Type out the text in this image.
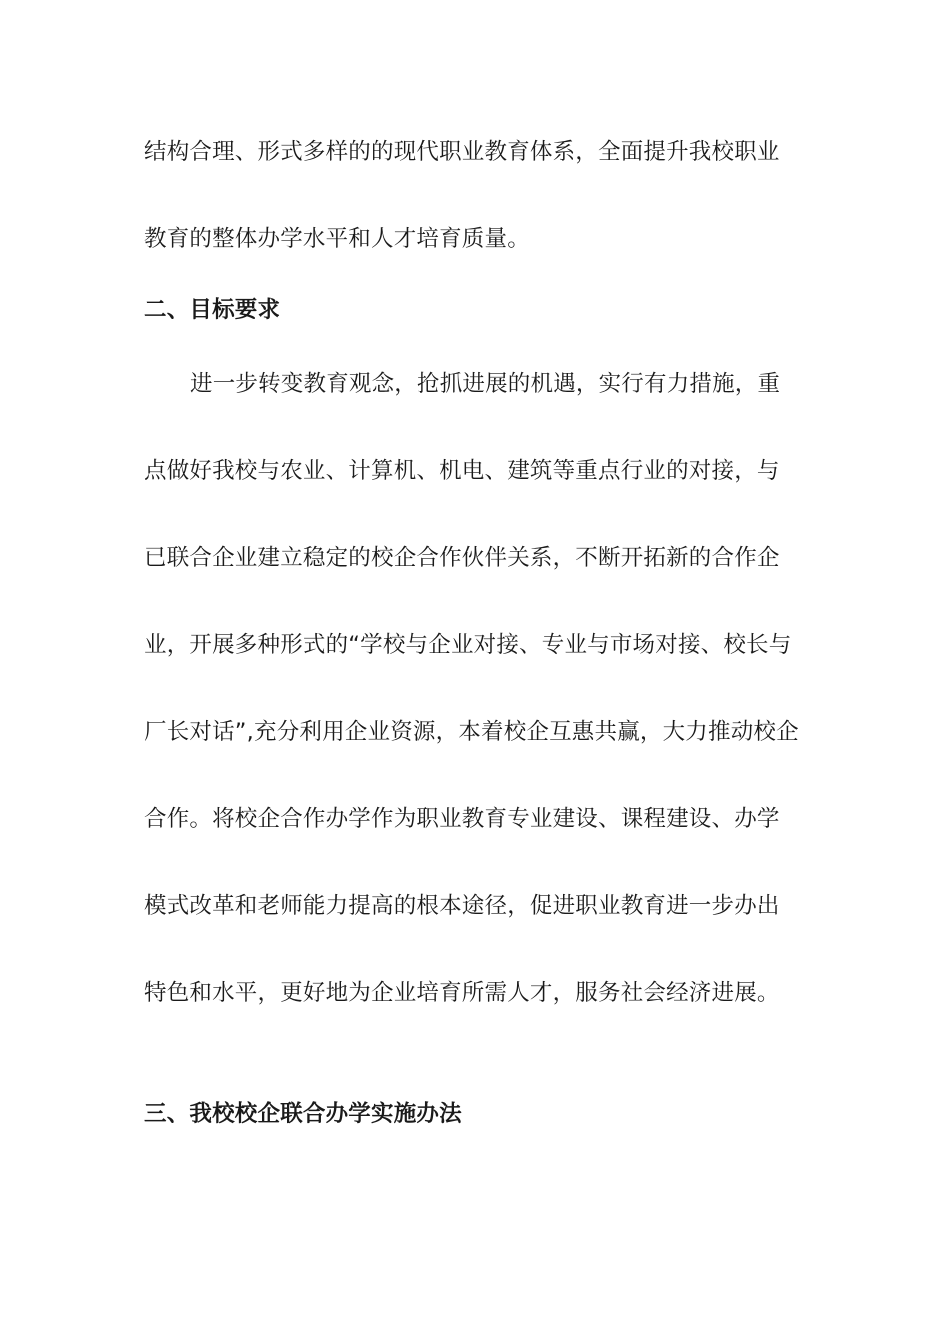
结构合理、形式多样的的现代职业教育体系，全面提升我校职业
教育的整体办学水平和人才培育质量。
二、目标要求
进一步转变教育观念，抢抓进展的机遇，实行有力措施，重
点做好我校与农业、计算机、机电、建筑等重点行业的对接，与
已联合企业建立稳定的校企合作伙伴关系，不断开拓新的合作企
业，开展多种形式的“学校与企业对接、专业与市场对接、校长与
厂长对话”,充分利用企业资源，本着校企互惠共赢，大力推动校企
合作。将校企合作办学作为职业教育专业建设、课程建设、办学
模式改革和老师能力提高的根本途径，促进职业教育进一步办出
特色和水平，更好地为企业培育所需人才，服务社会经济进展。
三、我校校企联合办学实施办法
